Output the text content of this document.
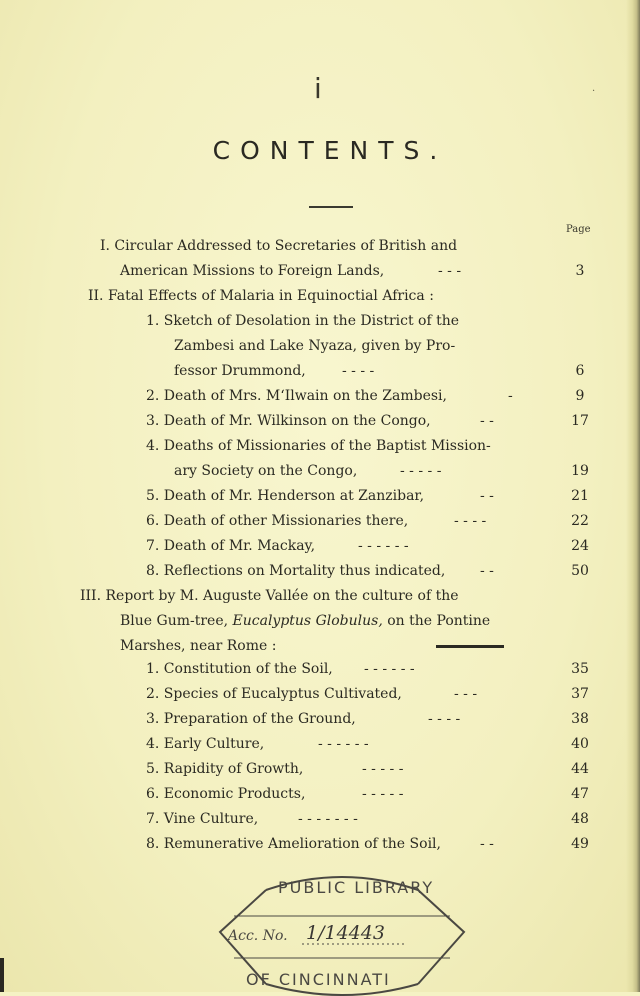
i	·
CONTENTS.
Page
I. Circular Addressed to Secretaries of British and
American Missions to Foreign Lands,	- - -	3
II. Fatal Effects of Malaria in Equinoctial Africa :
1. Sketch of Desolation in the District of the
Zambesi and Lake Nyaza, given by Pro-
fessor Drummond,	- - - -	6
2. Death of Mrs. M‘Ilwain on the Zambesi,	-	9
3. Death of Mr. Wilkinson on the Congo,	- -	17
4. Deaths of Missionaries of the Baptist Mission-
ary Society on the Congo,	- - - - -	19
5. Death of Mr. Henderson at Zanzibar,	- -	21
6. Death of other Missionaries there,	- - - -	22
7. Death of Mr. Mackay,	- - - - - -	24
8. Reflections on Mortality thus indicated, - -	50
III. Report by M. Auguste Vallée on the culture of the
Blue Gum-tree, Eucalyptus Globulus, on the Pontine
Marshes, near Rome :
1. Constitution of the Soil, - - - - - -	35
2. Species of Eucalyptus Cultivated,	- - -	37
3. Preparation of the Ground,	- - - -	38
4. Early Culture,	- - - - - -	40
5. Rapidity of Growth,	- - - - -	44
6. Economic Products,	- - - - -	47
7. Vine Culture,	- - - - - - -	48
8. Remunerative Amelioration of the Soil,	- -	49
PUBLIC LIBRARY
Acc. No. 1/14443
OF CINCINNATI
